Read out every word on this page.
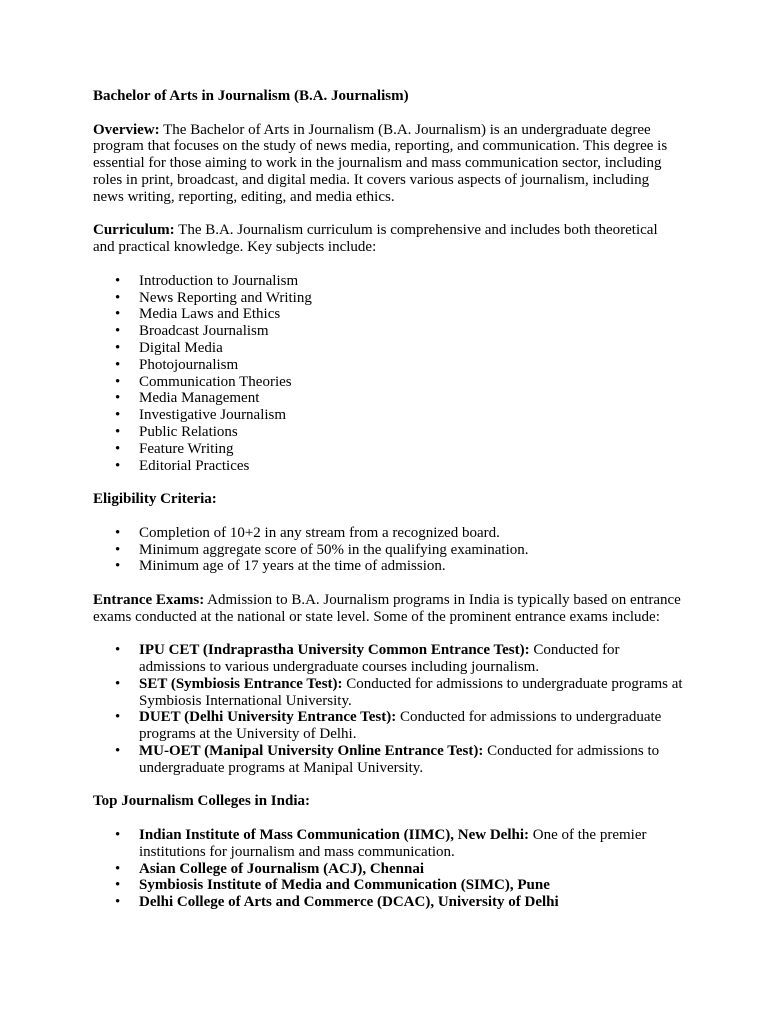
Bachelor of Arts in Journalism (B.A. Journalism)

Overview: The Bachelor of Arts in Journalism (B.A. Journalism) is an undergraduate degree program that focuses on the study of news media, reporting, and communication. This degree is essential for those aiming to work in the journalism and mass communication sector, including roles in print, broadcast, and digital media. It covers various aspects of journalism, including news writing, reporting, editing, and media ethics.

Curriculum: The B.A. Journalism curriculum is comprehensive and includes both theoretical and practical knowledge. Key subjects include:

• Introduction to Journalism
• News Reporting and Writing
• Media Laws and Ethics
• Broadcast Journalism
• Digital Media
• Photojournalism
• Communication Theories
• Media Management
• Investigative Journalism
• Public Relations
• Feature Writing
• Editorial Practices

Eligibility Criteria:

• Completion of 10+2 in any stream from a recognized board.
• Minimum aggregate score of 50% in the qualifying examination.
• Minimum age of 17 years at the time of admission.

Entrance Exams: Admission to B.A. Journalism programs in India is typically based on entrance exams conducted at the national or state level. Some of the prominent entrance exams include:

• IPU CET (Indraprastha University Common Entrance Test): Conducted for admissions to various undergraduate courses including journalism.
• SET (Symbiosis Entrance Test): Conducted for admissions to undergraduate programs at Symbiosis International University.
• DUET (Delhi University Entrance Test): Conducted for admissions to undergraduate programs at the University of Delhi.
• MU-OET (Manipal University Online Entrance Test): Conducted for admissions to undergraduate programs at Manipal University.

Top Journalism Colleges in India:

• Indian Institute of Mass Communication (IIMC), New Delhi: One of the premier institutions for journalism and mass communication.
• Asian College of Journalism (ACJ), Chennai
• Symbiosis Institute of Media and Communication (SIMC), Pune
• Delhi College of Arts and Commerce (DCAC), University of Delhi
